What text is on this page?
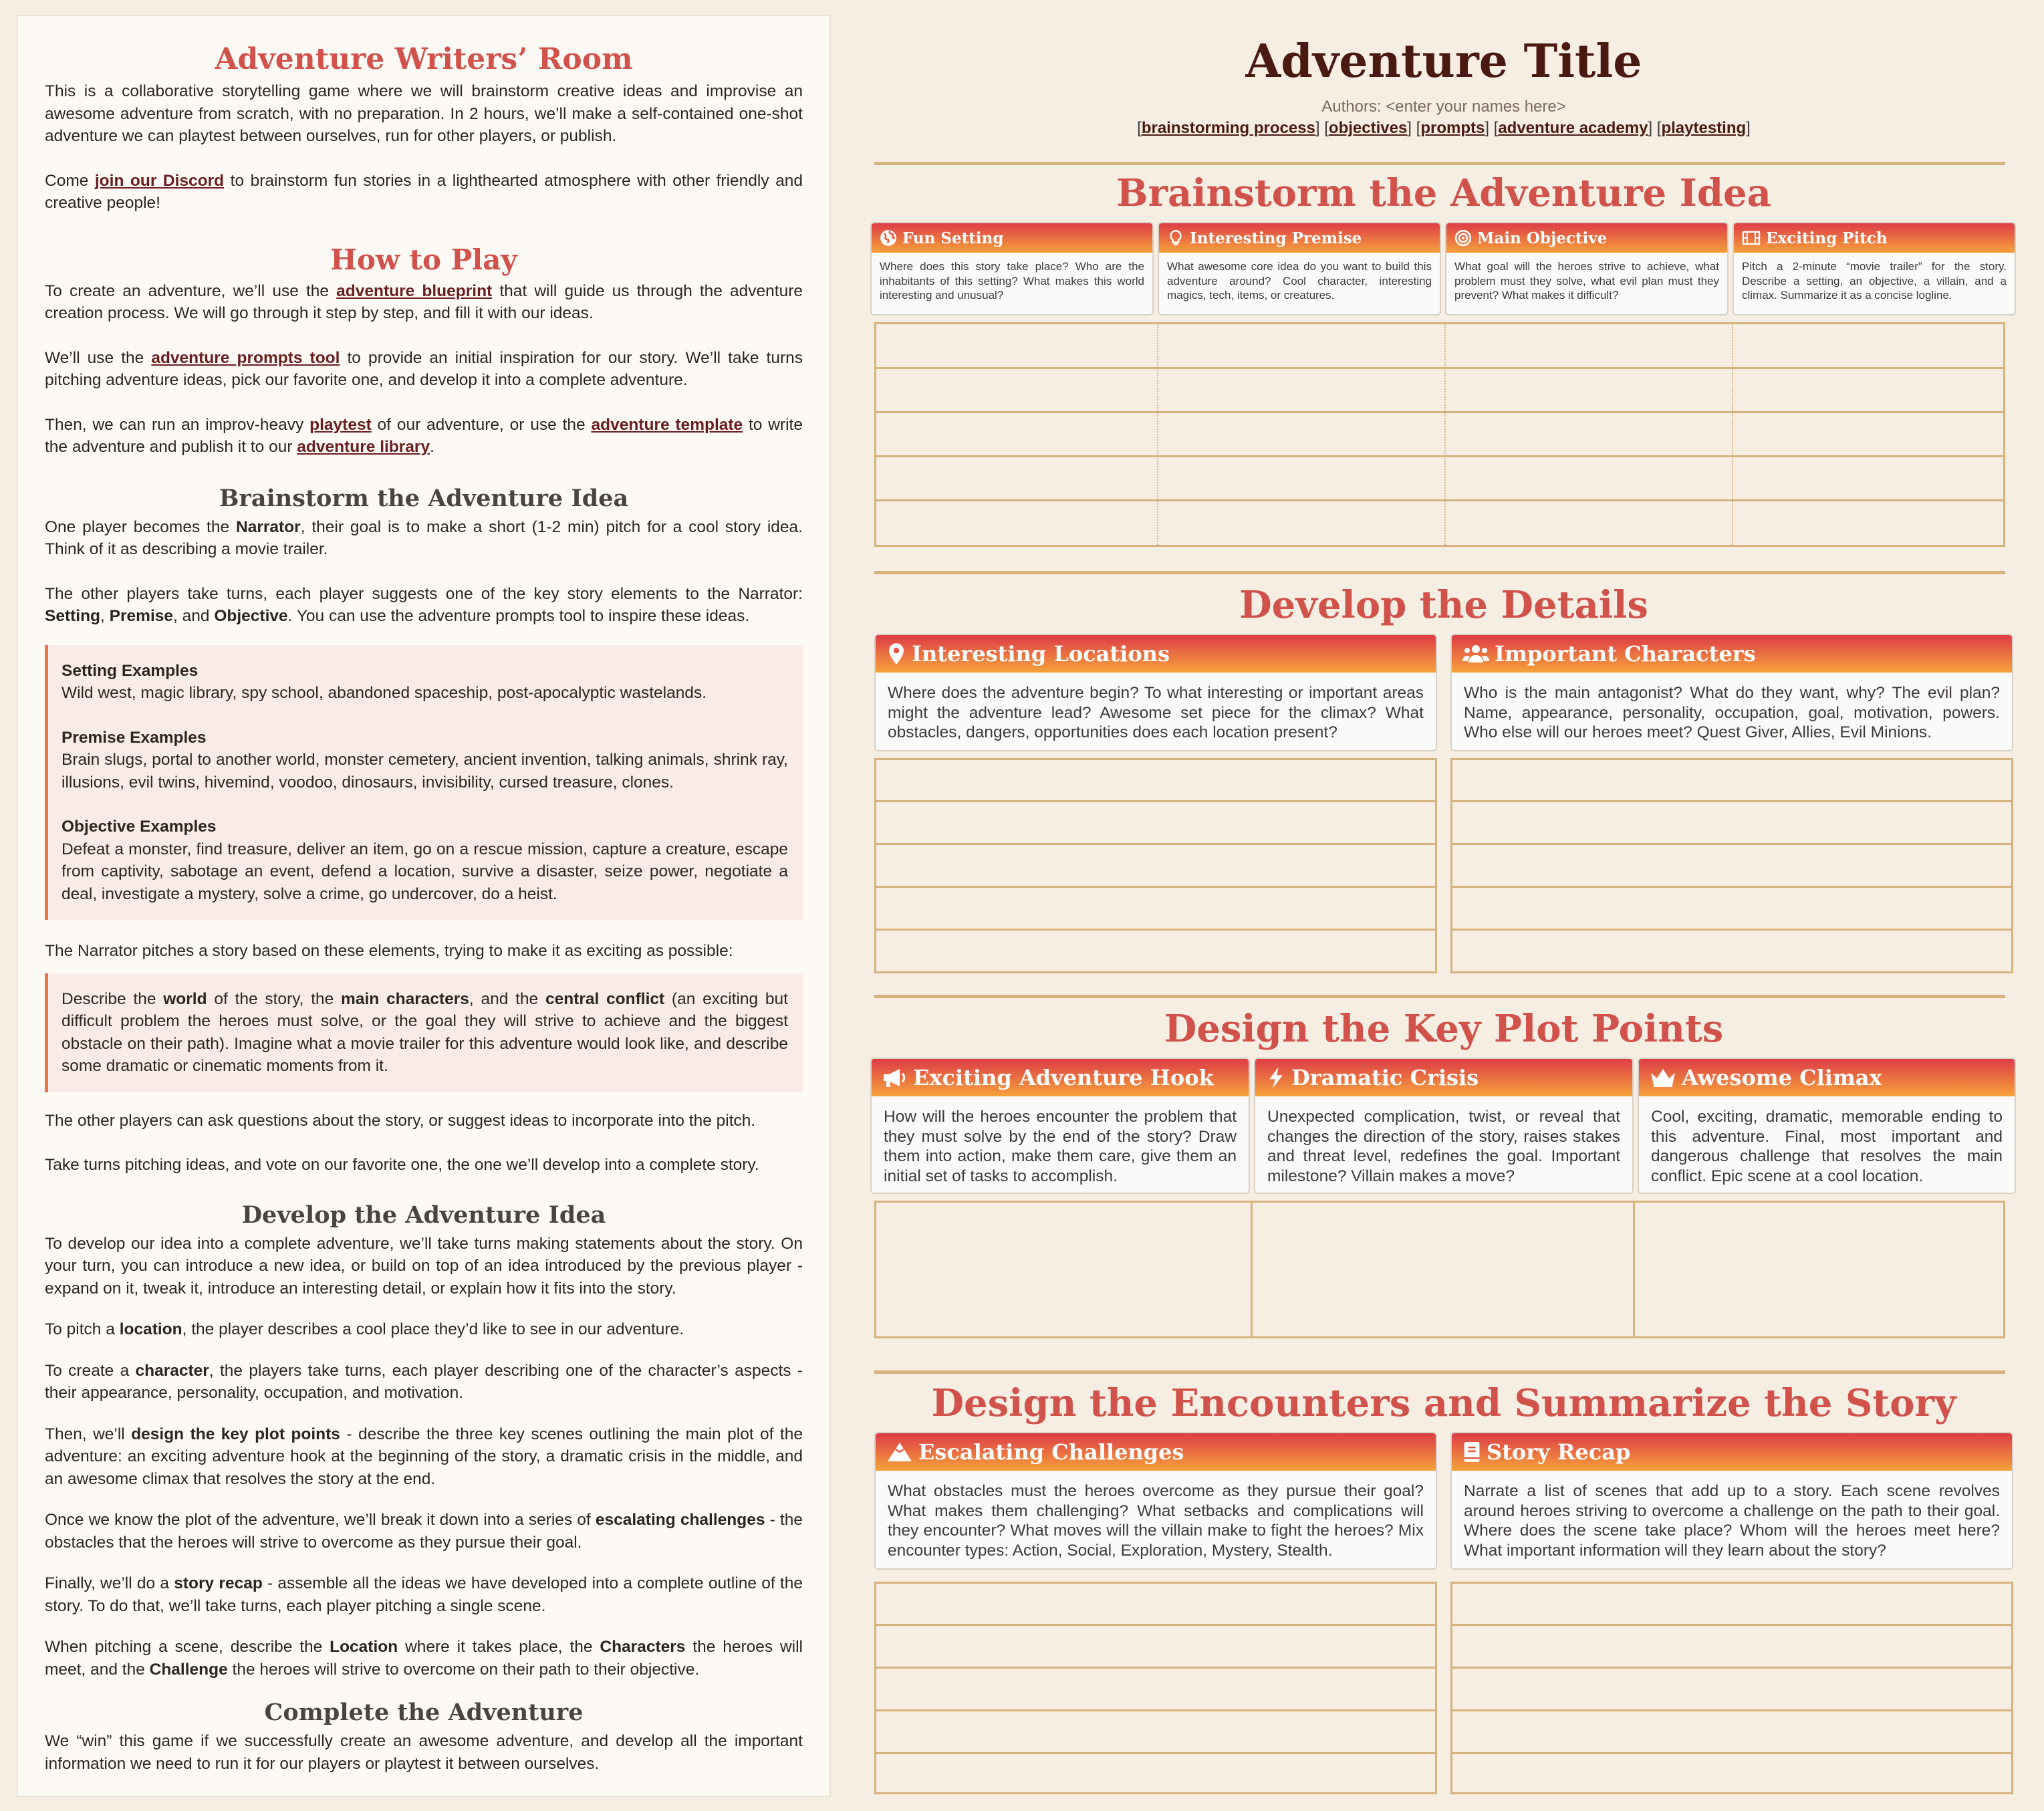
Adventure Writers’ Room

This is a collaborative storytelling game where we will brainstorm creative ideas and improvise an awesome adventure from scratch, with no preparation. In 2 hours, we’ll make a self-contained one-shot adventure we can playtest between ourselves, run for other players, or publish.

Come join our Discord to brainstorm fun stories in a lighthearted atmosphere with other friendly and creative people!

How to Play

To create an adventure, we’ll use the adventure blueprint that will guide us through the adventure creation process. We will go through it step by step, and fill it with our ideas.

We’ll use the adventure prompts tool to provide an initial inspiration for our story. We’ll take turns pitching adventure ideas, pick our favorite one, and develop it into a complete adventure.

Then, we can run an improv-heavy playtest of our adventure, or use the adventure template to write the adventure and publish it to our adventure library.

Brainstorm the Adventure Idea

One player becomes the Narrator, their goal is to make a short (1-2 min) pitch for a cool story idea. Think of it as describing a movie trailer.

The other players take turns, each player suggests one of the key story elements to the Narrator: Setting, Premise, and Objective. You can use the adventure prompts tool to inspire these ideas.

Setting Examples

Wild west, magic library, spy school, abandoned spaceship, post-apocalyptic wastelands.

Premise Examples

Brain slugs, portal to another world, monster cemetery, ancient invention, talking animals, shrink ray, illusions, evil twins, hivemind, voodoo, dinosaurs, invisibility, cursed treasure, clones.

Objective Examples

Defeat a monster, find treasure, deliver an item, go on a rescue mission, capture a creature, escape from captivity, sabotage an event, defend a location, survive a disaster, seize power, negotiate a deal, investigate a mystery, solve a crime, go undercover, do a heist.

The Narrator pitches a story based on these elements, trying to make it as exciting as possible:

Describe the world of the story, the main characters, and the central conflict (an exciting but difficult problem the heroes must solve, or the goal they will strive to achieve and the biggest obstacle on their path). Imagine what a movie trailer for this adventure would look like, and describe some dramatic or cinematic moments from it.

The other players can ask questions about the story, or suggest ideas to incorporate into the pitch.

Take turns pitching ideas, and vote on our favorite one, the one we’ll develop into a complete story.

Develop the Adventure Idea

To develop our idea into a complete adventure, we’ll take turns making statements about the story. On your turn, you can introduce a new idea, or build on top of an idea introduced by the previous player - expand on it, tweak it, introduce an interesting detail, or explain how it fits into the story.

To pitch a location, the player describes a cool place they’d like to see in our adventure.

To create a character, the players take turns, each player describing one of the character’s aspects - their appearance, personality, occupation, and motivation.

Then, we’ll design the key plot points - describe the three key scenes outlining the main plot of the adventure: an exciting adventure hook at the beginning of the story, a dramatic crisis in the middle, and an awesome climax that resolves the story at the end.

Once we know the plot of the adventure, we’ll break it down into a series of escalating challenges - the obstacles that the heroes will strive to overcome as they pursue their goal.

Finally, we’ll do a story recap - assemble all the ideas we have developed into a complete outline of the story. To do that, we’ll take turns, each player pitching a single scene.

When pitching a scene, describe the Location where it takes place, the Characters the heroes will meet, and the Challenge the heroes will strive to overcome on their path to their objective.

Complete the Adventure

We “win” this game if we successfully create an awesome adventure, and develop all the important information we need to run it for our players or playtest it between ourselves.

Adventure Title
Authors: <enter your names here>
[brainstorming process] [objectives] [prompts] [adventure academy] [playtesting]
Brainstorm the Adventure Idea
Fun Setting
Where does this story take place? Who are the inhabitants of this setting? What makes this world interesting and unusual?
Interesting Premise
What awesome core idea do you want to build this adventure around? Cool character, interesting magics, tech, items, or creatures.
Main Objective
What goal will the heroes strive to achieve, what problem must they solve, what evil plan must they prevent? What makes it difficult?
Exciting Pitch
Pitch a 2-minute “movie trailer” for the story. Describe a setting, an objective, a villain, and a climax. Summarize it as a concise logline.
Develop the Details
Interesting Locations
Where does the adventure begin? To what interesting or important areas might the adventure lead? Awesome set piece for the climax? What obstacles, dangers, opportunities does each location present?
Important Characters
Who is the main antagonist? What do they want, why? The evil plan? Name, appearance, personality, occupation, goal, motivation, powers. Who else will our heroes meet? Quest Giver, Allies, Evil Minions.
Design the Key Plot Points
Exciting Adventure Hook
How will the heroes encounter the problem that they must solve by the end of the story? Draw them into action, make them care, give them an initial set of tasks to accomplish.
Dramatic Crisis
Unexpected complication, twist, or reveal that changes the direction of the story, raises stakes and threat level, redefines the goal. Important milestone? Villain makes a move?
Awesome Climax
Cool, exciting, dramatic, memorable ending to this adventure. Final, most important and dangerous challenge that resolves the main conflict. Epic scene at a cool location.
Design the Encounters and Summarize the Story
Escalating Challenges
What obstacles must the heroes overcome as they pursue their goal? What makes them challenging? What setbacks and complications will they encounter? What moves will the villain make to fight the heroes? Mix encounter types: Action, Social, Exploration, Mystery, Stealth.
Story Recap
Narrate a list of scenes that add up to a story. Each scene revolves around heroes striving to overcome a challenge on the path to their goal. Where does the scene take place? Whom will the heroes meet here? What important information will they learn about the story?
